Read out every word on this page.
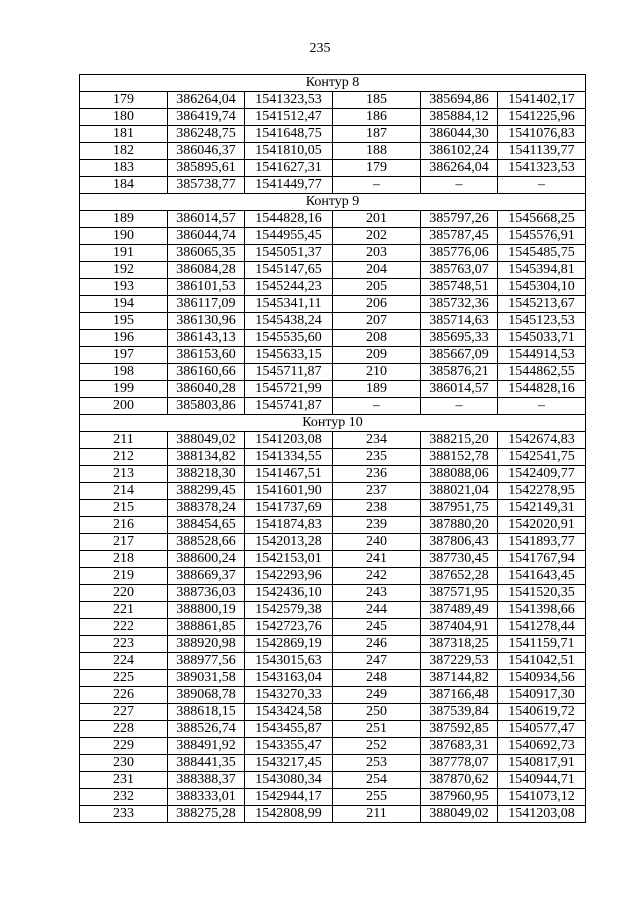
235
Контур 8					
179	386264,04	1541323,53	185	385694,86	1541402,17
180	386419,74	1541512,47	186	385884,12	1541225,96
181	386248,75	1541648,75	187	386044,30	1541076,83
182	386046,37	1541810,05	188	386102,24	1541139,77
183	385895,61	1541627,31	179	386264,04	1541323,53
184	385738,77	1541449,77	–	–	–
Контур 9					
189	386014,57	1544828,16	201	385797,26	1545668,25
190	386044,74	1544955,45	202	385787,45	1545576,91
191	386065,35	1545051,37	203	385776,06	1545485,75
192	386084,28	1545147,65	204	385763,07	1545394,81
193	386101,53	1545244,23	205	385748,51	1545304,10
194	386117,09	1545341,11	206	385732,36	1545213,67
195	386130,96	1545438,24	207	385714,63	1545123,53
196	386143,13	1545535,60	208	385695,33	1545033,71
197	386153,60	1545633,15	209	385667,09	1544914,53
198	386160,66	1545711,87	210	385876,21	1544862,55
199	386040,28	1545721,99	189	386014,57	1544828,16
200	385803,86	1545741,87	–	–	–
Контур 10					
211	388049,02	1541203,08	234	388215,20	1542674,83
212	388134,82	1541334,55	235	388152,78	1542541,75
213	388218,30	1541467,51	236	388088,06	1542409,77
214	388299,45	1541601,90	237	388021,04	1542278,95
215	388378,24	1541737,69	238	387951,75	1542149,31
216	388454,65	1541874,83	239	387880,20	1542020,91
217	388528,66	1542013,28	240	387806,43	1541893,77
218	388600,24	1542153,01	241	387730,45	1541767,94
219	388669,37	1542293,96	242	387652,28	1541643,45
220	388736,03	1542436,10	243	387571,95	1541520,35
221	388800,19	1542579,38	244	387489,49	1541398,66
222	388861,85	1542723,76	245	387404,91	1541278,44
223	388920,98	1542869,19	246	387318,25	1541159,71
224	388977,56	1543015,63	247	387229,53	1541042,51
225	389031,58	1543163,04	248	387144,82	1540934,56
226	389068,78	1543270,33	249	387166,48	1540917,30
227	388618,15	1543424,58	250	387539,84	1540619,72
228	388526,74	1543455,87	251	387592,85	1540577,47
229	388491,92	1543355,47	252	387683,31	1540692,73
230	388441,35	1543217,45	253	387778,07	1540817,91
231	388388,37	1543080,34	254	387870,62	1540944,71
232	388333,01	1542944,17	255	387960,95	1541073,12
233	388275,28	1542808,99	211	388049,02	1541203,08
